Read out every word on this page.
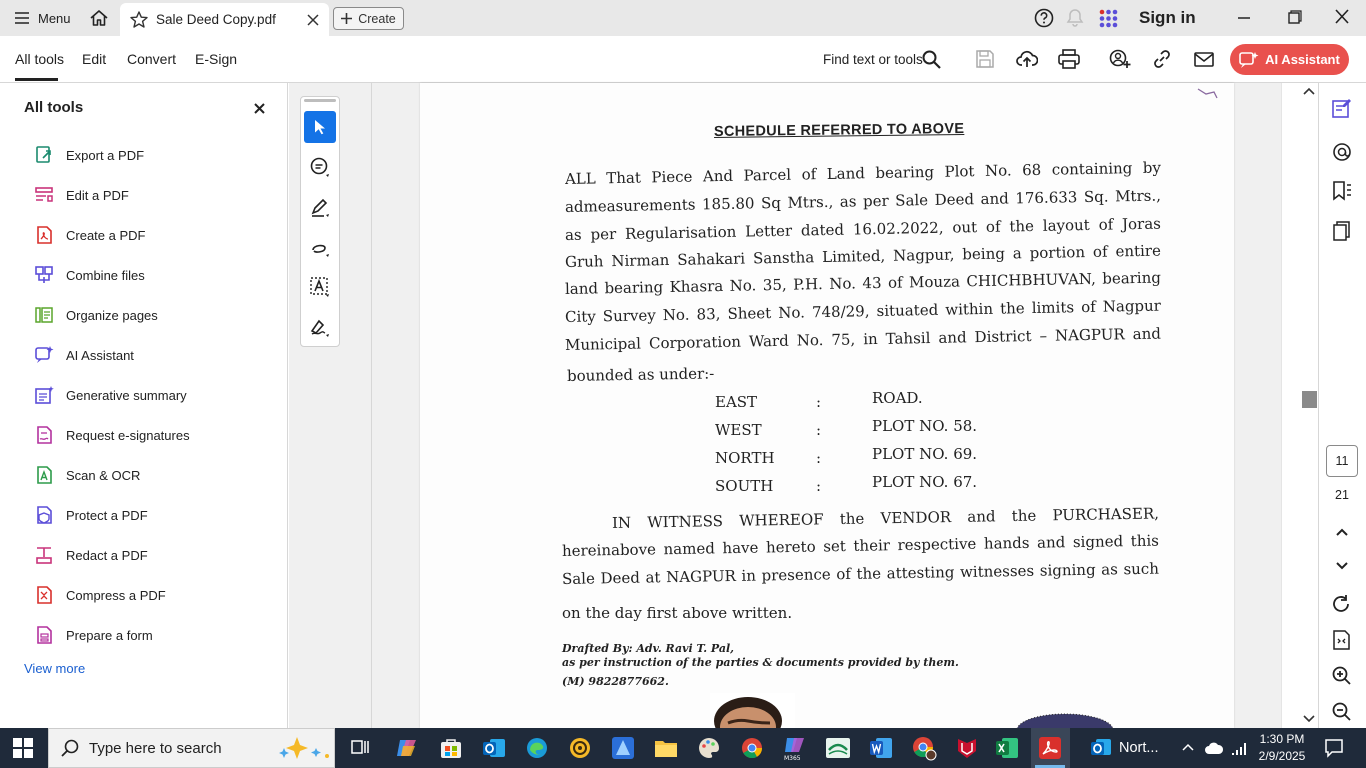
Menu	Sale Deed Copy.pdf	Create	Sign in
All tools Edit Convert E-Sign	Find text or tools	AI Assistant
All tools
Export a PDF
Edit a PDF
Create a PDF
Combine files
Organize pages
AI Assistant
Generative summary
Request e-signatures
Scan & OCR
Protect a PDF
Redact a PDF
Compress a PDF
Prepare a form
View more
SCHEDULE REFERRED TO ABOVE
ALL That Piece And Parcel of Land bearing Plot No. 68 containing by
admeasurements 185.80 Sq Mtrs., as per Sale Deed and 176.633 Sq. Mtrs.,
as per Regularisation Letter dated 16.02.2022, out of the layout of Joras
Gruh Nirman Sahakari Sanstha Limited, Nagpur, being a portion of entire
land bearing Khasra No. 35, P.H. No. 43 of Mouza CHICHBHUVAN, bearing
City Survey No. 83, Sheet No. 748/29, situated within the limits of Nagpur
Municipal Corporation Ward No. 75, in Tahsil and District – NAGPUR and
bounded as under:-
EAST	:	ROAD.
WEST	:	PLOT NO. 58.
NORTH	:	PLOT NO. 69.
SOUTH	:	PLOT NO. 67.
IN WITNESS WHEREOF the VENDOR and the PURCHASER,
hereinabove named have hereto set their respective hands and signed this
Sale Deed at NAGPUR in presence of the attesting witnesses signing as such
on the day first above written.
Drafted By: Adv. Ravi T. Pal,
as per instruction of the parties & documents provided by them.
(M) 9822877662.
11
21
Type here to search
M365
Nort...
1:30 PM
2/9/2025
